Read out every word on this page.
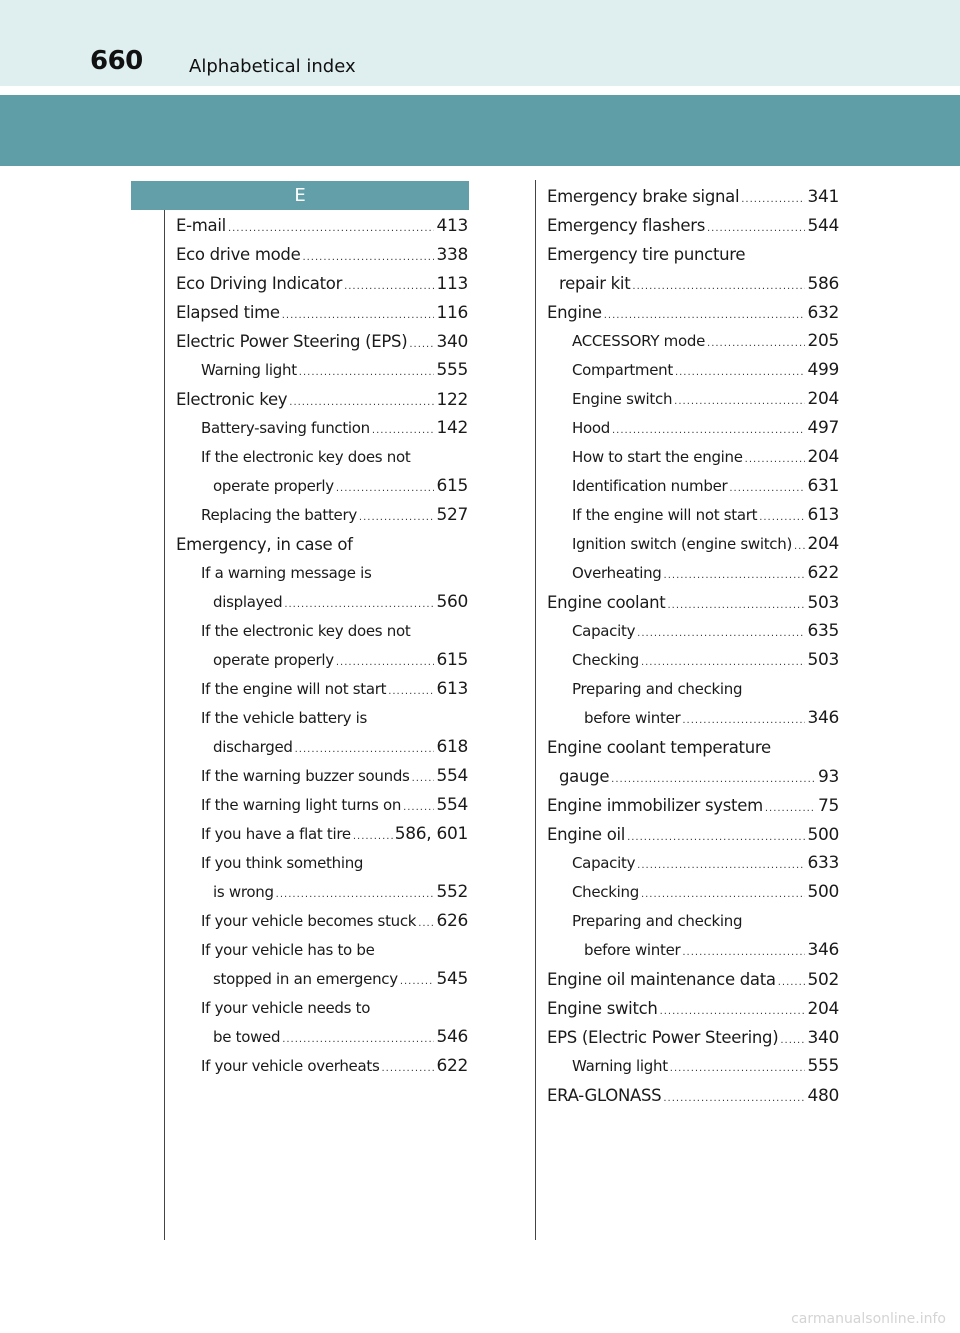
660	Alphabetical index
E
E-mail .....	413
Eco drive mode .....	338
Eco Driving Indicator .....	113
Elapsed time .....	116
Electric Power Steering (EPS) ..... 340
Warning light .....	555
Electronic key .....	122
Battery-saving function .....	142
If the electronic key does not
operate properly .....	615
Replacing the battery .....	527
Emergency, in case of
If a warning message is
displayed .....	560
If the electronic key does not
operate properly .....	615
If the engine will not start .....	613
If the vehicle battery is
discharged .....	618
If the warning buzzer sounds ..... 554
If the warning light turns on ..... 554
If you have a flat tire .....	586, 601
If you think something
is wrong .....	552
If your vehicle becomes stuck ..... 626
If your vehicle has to be
stopped in an emergency ..... 545
If your vehicle needs to
be towed .....	546
If your vehicle overheats .....	622
Emergency brake signal .....	341
Emergency flashers .....	544
Emergency tire puncture
repair kit .....	586
Engine .....	632
ACCESSORY mode .....	205
Compartment .....	499
Engine switch .....	204
Hood .....	497
How to start the engine .....	204
Identification number .....	631
If the engine will not start .....	613
Ignition switch (engine switch) ..... 204
Overheating .....	622
Engine coolant .....	503
Capacity .....	635
Checking .....	503
Preparing and checking
before winter .....	346
Engine coolant temperature
gauge .....	93
Engine immobilizer system .....	75
Engine oil .....	500
Capacity .....	633
Checking .....	500
Preparing and checking
before winter .....	346
Engine oil maintenance data ..... 502
Engine switch .....	204
EPS (Electric Power Steering) ..... 340
Warning light .....	555
ERA-GLONASS .....	480
carmanualsonline.info
